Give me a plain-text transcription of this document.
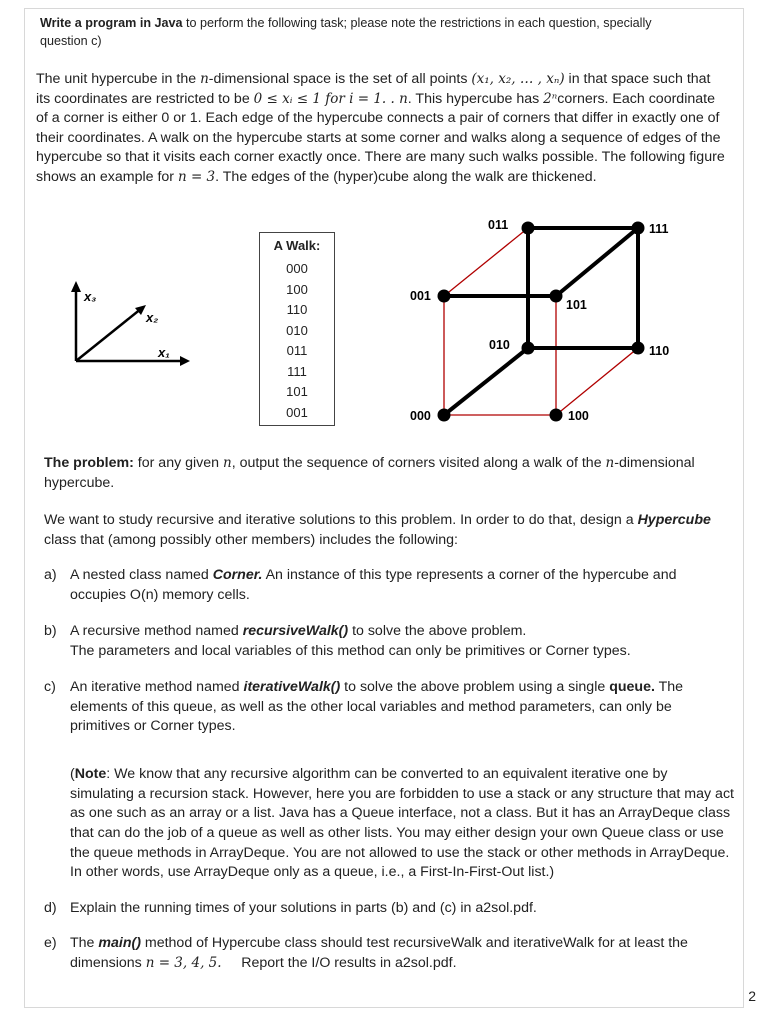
Write a program in Java to perform the following task; please note the restrictions in each question, specially question c)

The unit hypercube in the n-dimensional space is the set of all points (x₁, x₂, … , xₙ) in that space such that its coordinates are restricted to be 0 ≤ xᵢ ≤ 1 for i = 1. . n. This hypercube has 2ⁿcorners. Each coordinate of a corner is either 0 or 1. Each edge of the hypercube connects a pair of corners that differ in exactly one of their coordinates. A walk on the hypercube starts at some corner and walks along a sequence of edges of the hypercube so that it visits each corner exactly once. There are many such walks possible. The following figure shows an example for n = 3. The edges of the (hyper)cube along the walk are thickened.

x₃
x₂
x₁
A Walk:
000
100
110
010
011
111
101
001	000	100
001
101
010	110
011	111

The problem: for any given n, output the sequence of corners visited along a walk of the n-dimensional hypercube.

We want to study recursive and iterative solutions to this problem. In order to do that, design a Hypercube class that (among possibly other members) includes the following:

a) A nested class named Corner. An instance of this type represents a corner of the hypercube and occupies O(n) memory cells.
b) A recursive method named recursiveWalk() to solve the above problem.
The parameters and local variables of this method can only be primitives or Corner types.
c) An iterative method named iterativeWalk() to solve the above problem using a single queue. The elements of this queue, as well as the other local variables and method parameters, can only be primitives or Corner types.

(Note: We know that any recursive algorithm can be converted to an equivalent iterative one by simulating a recursion stack. However, here you are forbidden to use a stack or any structure that may act as one such as an array or a list. Java has a Queue interface, not a class. But it has an ArrayDeque class that can do the job of a queue as well as other lists. You may either design your own Queue class or use the queue methods in ArrayDeque. You are not allowed to use the stack or other methods in ArrayDeque. In other words, use ArrayDeque only as a queue, i.e., a First-In-First-Out list.)

d) Explain the running times of your solutions in parts (b) and (c) in a2sol.pdf.
e) The main() method of Hypercube class should test recursiveWalk and iterativeWalk for at least the dimensions n = 3, 4, 5.     Report the I/O results in a2sol.pdf.
2
